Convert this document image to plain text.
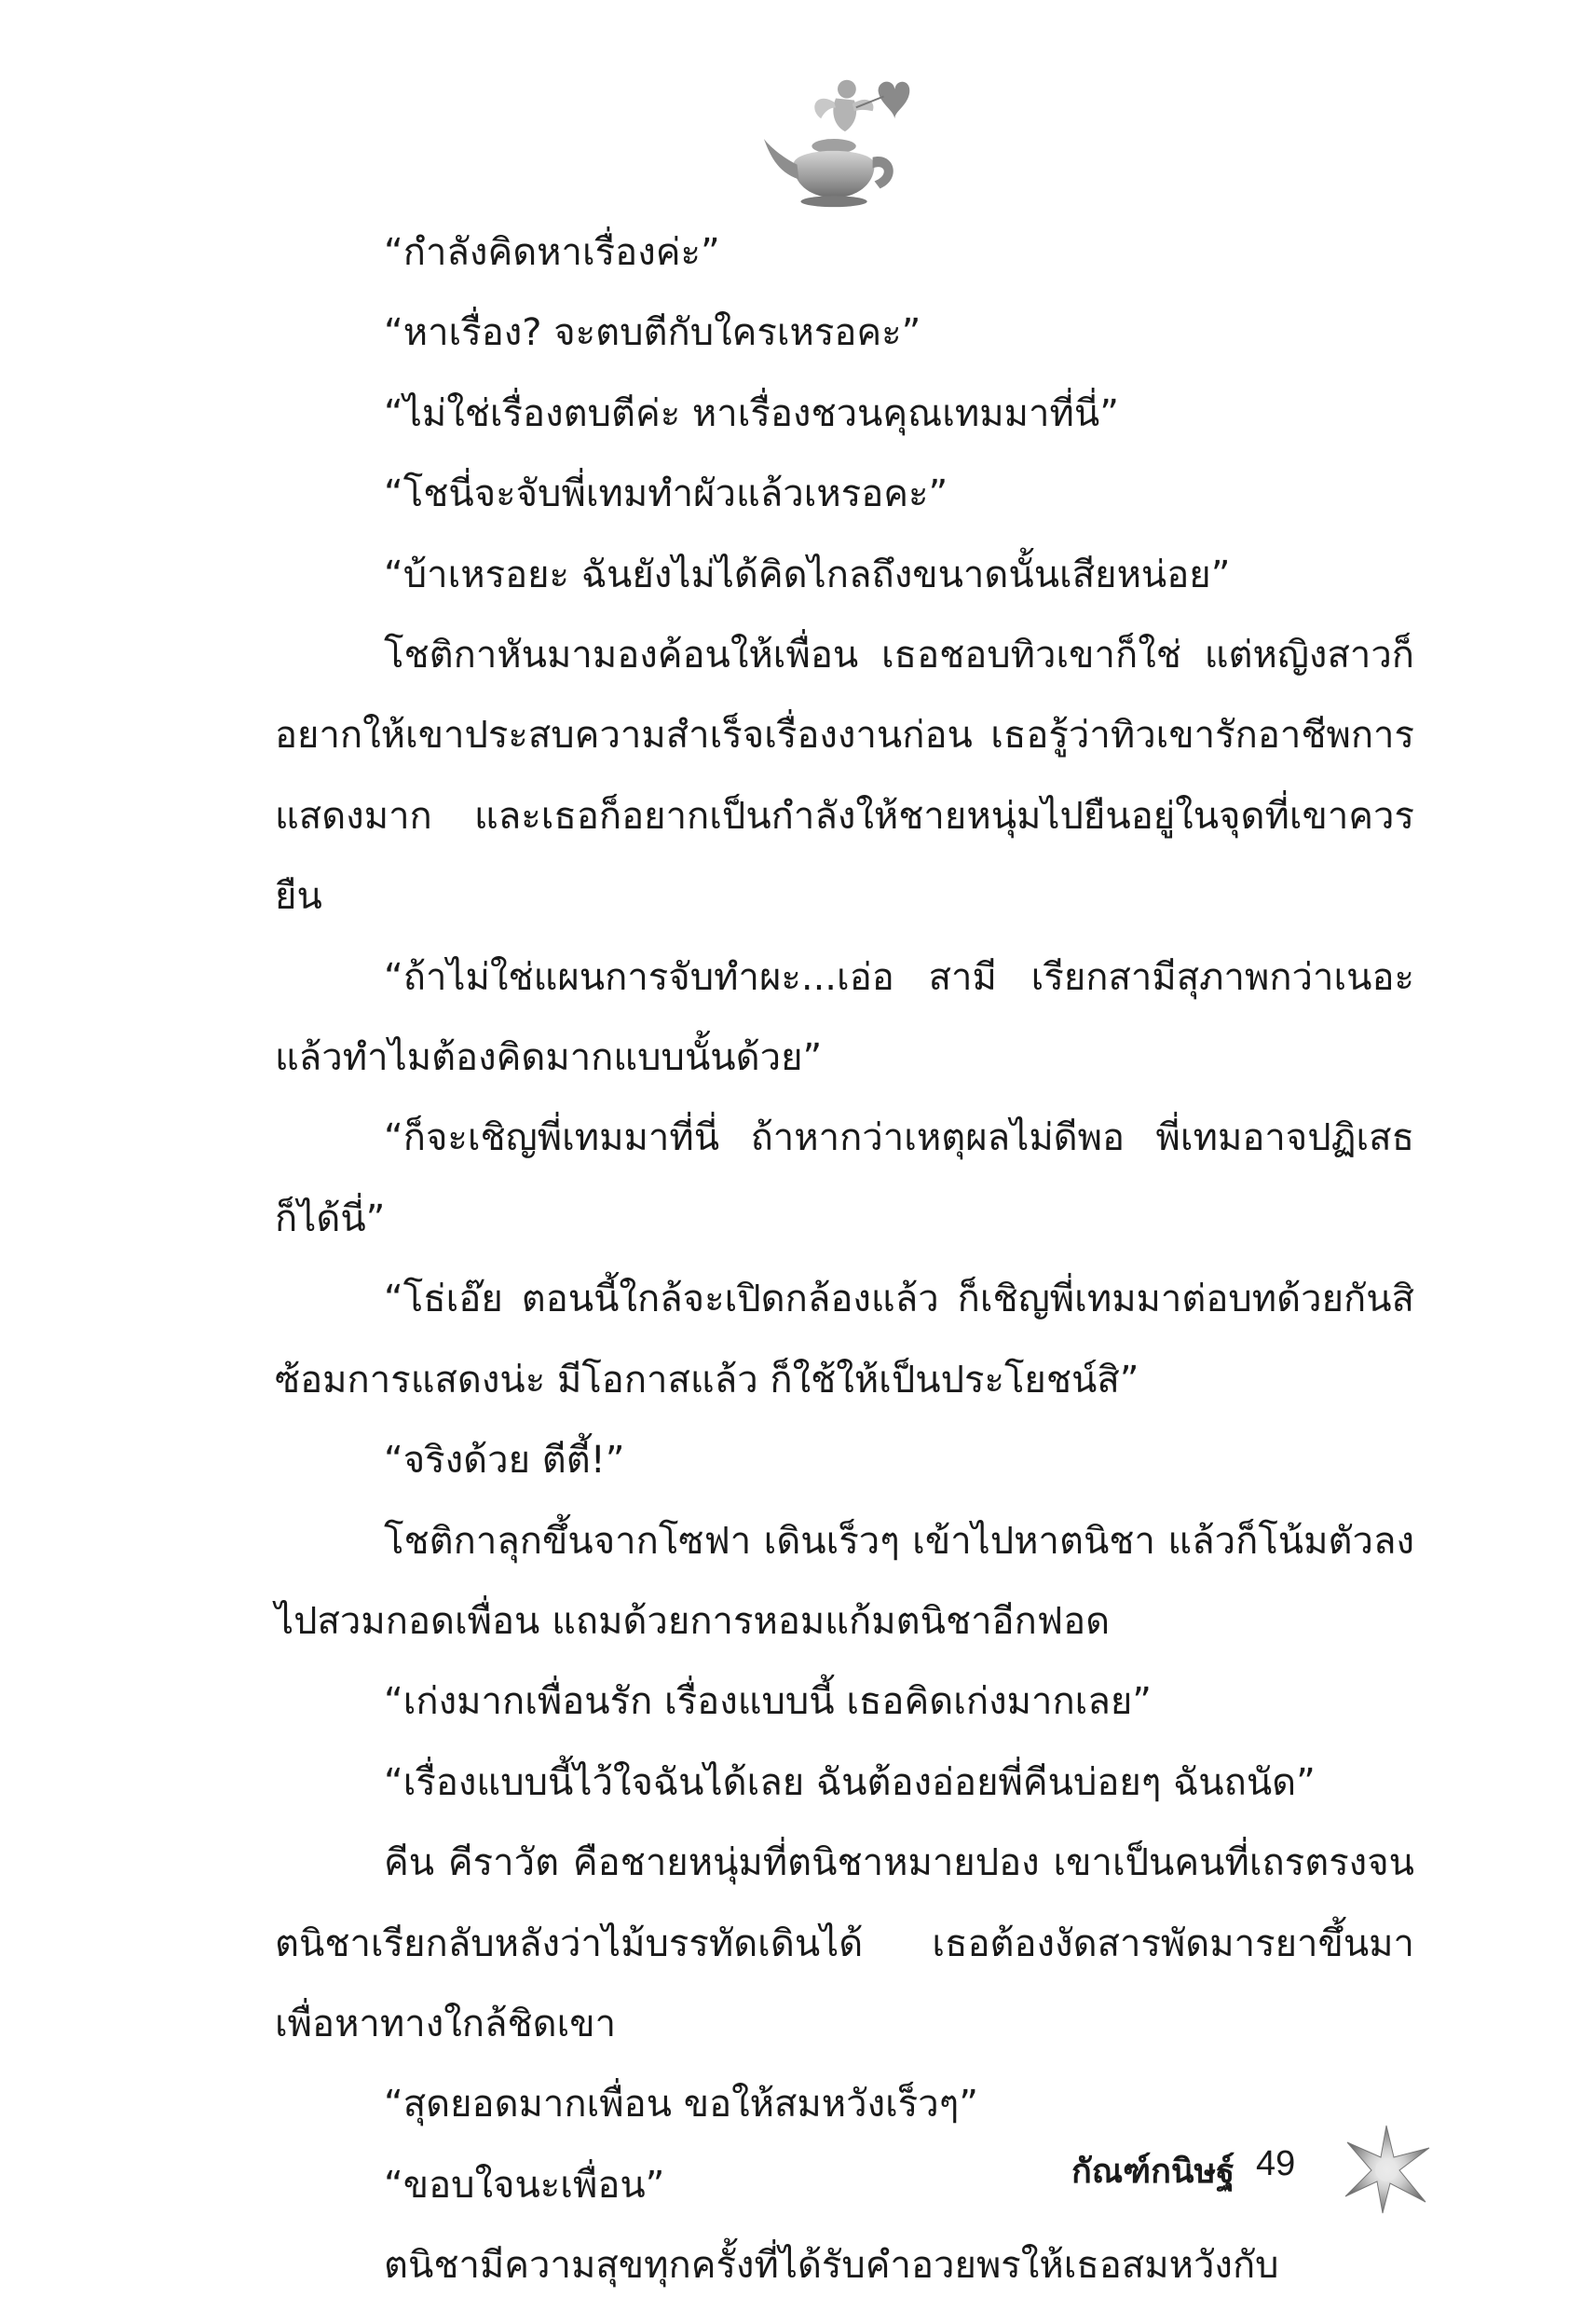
“กำลังคิดหาเรื่องค่ะ”

“หาเรื่อง? จะตบตีกับใครเหรอคะ”

“ไม่ใช่เรื่องตบตีค่ะ หาเรื่องชวนคุณเทมมาที่นี่”

“โชนี่จะจับพี่เทมทำผัวแล้วเหรอคะ”

“บ้าเหรอยะ ฉันยังไม่ได้คิดไกลถึงขนาดนั้นเสียหน่อย”

โชติกาหันมามองค้อนให้เพื่อน เธอชอบทิวเขาก็ใช่ แต่หญิงสาวก็อยากให้เขาประสบความสำเร็จเรื่องงานก่อน เธอรู้ว่าทิวเขารักอาชีพการแสดงมาก และเธอก็อยากเป็นกำลังให้ชายหนุ่มไปยืนอยู่ในจุดที่เขาควรยืน

“ถ้าไม่ใช่แผนการจับทำผะ...เอ่อ สามี เรียกสามีสุภาพกว่าเนอะ แล้วทำไมต้องคิดมากแบบนั้นด้วย”

“ก็จะเชิญพี่เทมมาที่นี่ ถ้าหากว่าเหตุผลไม่ดีพอ พี่เทมอาจปฏิเสธก็ได้นี่”

“โธ่เอ๊ย ตอนนี้ใกล้จะเปิดกล้องแล้ว ก็เชิญพี่เทมมาต่อบทด้วยกันสิ ซ้อมการแสดงน่ะ มีโอกาสแล้ว ก็ใช้ให้เป็นประโยชน์สิ”

“จริงด้วย ตีตี้!”

โชติกาลุกขึ้นจากโซฟา เดินเร็วๆ เข้าไปหาตนิชา แล้วก็โน้มตัวลงไปสวมกอดเพื่อน แถมด้วยการหอมแก้มตนิชาอีกฟอด

“เก่งมากเพื่อนรัก เรื่องแบบนี้ เธอคิดเก่งมากเลย”

“เรื่องแบบนี้ไว้ใจฉันได้เลย ฉันต้องอ่อยพี่คีนบ่อยๆ ฉันถนัด”

คีน คีราวัต คือชายหนุ่มที่ตนิชาหมายปอง เขาเป็นคนที่เถรตรงจนตนิชาเรียกลับหลังว่าไม้บรรทัดเดินได้ เธอต้องงัดสารพัดมารยาขึ้นมา เพื่อหาทางใกล้ชิดเขา

“สุดยอดมากเพื่อน ขอให้สมหวังเร็วๆ”

“ขอบใจนะเพื่อน”

ตนิชามีความสุขทุกครั้งที่ได้รับคำอวยพรให้เธอสมหวังกับ

กัณฑ์กนิษฐ์ 49
